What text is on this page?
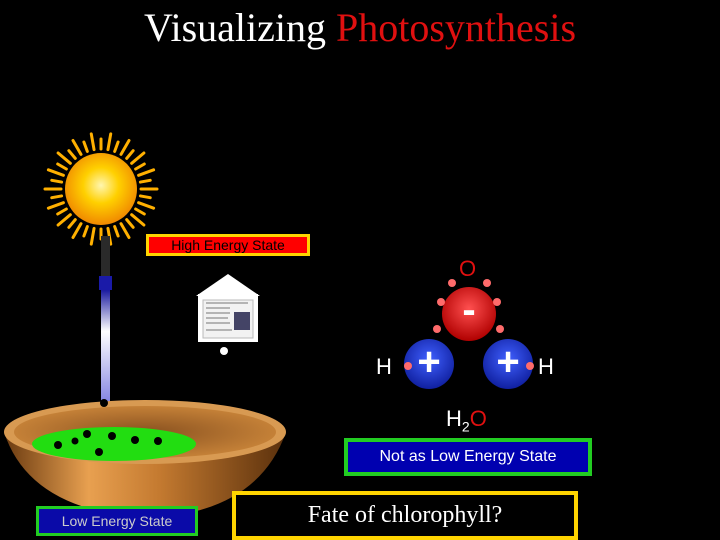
Visualizing Photosynthesis
O
H	H
-
+ +
$H_2O$
High Energy State
Not as Low Energy State
Low Energy State	Fate of chlorophyll?
